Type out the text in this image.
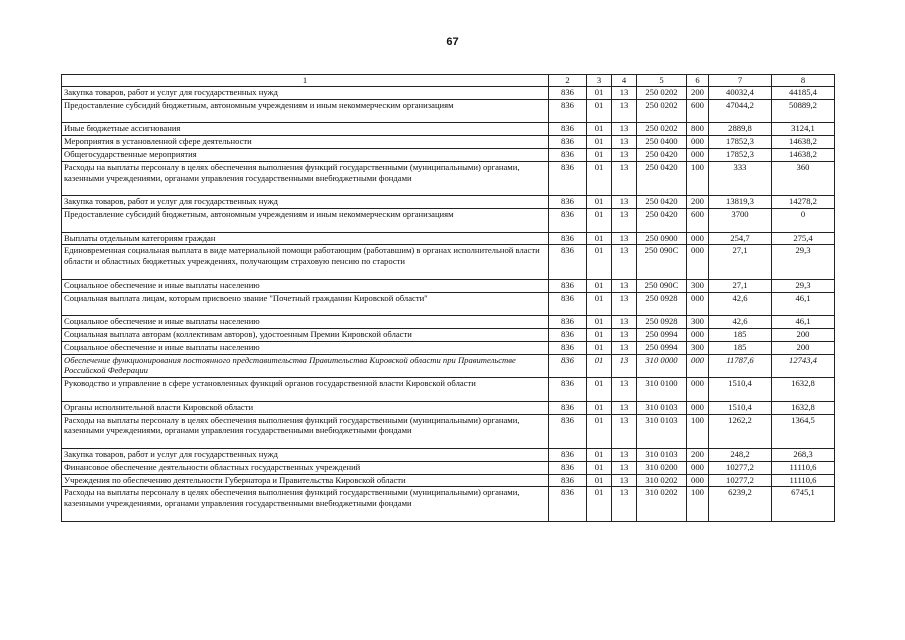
67
1	2	3	4	5	6	7	8
Закупка товаров, работ и услуг для государственных нужд	836	01	13	250 0202	200	40032,4	44185,4
Предоставление субсидий бюджетным, автономным учреждениям и иным некоммерческим организациям	836	01	13	250 0202	600	47044,2	50889,2
Иные бюджетные ассигнования	836	01	13	250 0202	800	2889,8	3124,1
Мероприятия в установленной сфере деятельности	836	01	13	250 0400	000	17852,3	14638,2
Общегосударственные мероприятия	836	01	13	250 0420	000	17852,3	14638,2
Расходы на выплаты персоналу в целях обеспечения выполнения функций государственными (муниципальными) органами, казенными учреждениями, органами управления государственными внебюджетными фондами	836	01	13	250 0420	100	333	360
Закупка товаров, работ и услуг для государственных нужд	836	01	13	250 0420	200	13819,3	14278,2
Предоставление субсидий бюджетным, автономным учреждениям и иным некоммерческим организациям	836	01	13	250 0420	600	3700	0
Выплаты отдельным категориям граждан	836	01	13	250 0900	000	254,7	275,4
Единовременная социальная выплата в виде материальной помощи работающим (работавшим) в органах исполнительной власти области и областных бюджетных учреждениях, получающим страховую пенсию по старости	836	01	13	250 090С	000	27,1	29,3
Социальное обеспечение и иные выплаты населению	836	01	13	250 090С	300	27,1	29,3
Социальная выплата лицам, которым присвоено звание "Почетный гражданин Кировской области"	836	01	13	250 0928	000	42,6	46,1
Социальное обеспечение и иные выплаты населению	836	01	13	250 0928	300	42,6	46,1
Социальная выплата авторам (коллективам авторов), удостоенным Премии Кировской области	836	01	13	250 0994	000	185	200
Социальное обеспечение и иные выплаты населению	836	01	13	250 0994	300	185	200
Обеспечение функционирования постоянного представительства Правительства Кировской области при Правительстве Российской Федерации	836	01	13	310 0000	000	11787,6	12743,4
Руководство и управление в сфере установленных функций органов государственной власти Кировской области	836	01	13	310 0100	000	1510,4	1632,8
Органы исполнительной власти Кировской области	836	01	13	310 0103	000	1510,4	1632,8
Расходы на выплаты персоналу в целях обеспечения выполнения функций государственными (муниципальными) органами, казенными учреждениями, органами управления государственными внебюджетными фондами	836	01	13	310 0103	100	1262,2	1364,5
Закупка товаров, работ и услуг для государственных нужд	836	01	13	310 0103	200	248,2	268,3
Финансовое обеспечение деятельности областных государственных учреждений	836	01	13	310 0200	000	10277,2	11110,6
Учреждения по обеспечению деятельности Губернатора и Правительства Кировской области	836	01	13	310 0202	000	10277,2	11110,6
Расходы на выплаты персоналу в целях обеспечения выполнения функций государственными (муниципальными) органами, казенными учреждениями, органами управления государственными внебюджетными фондами	836	01	13	310 0202	100	6239,2	6745,1
